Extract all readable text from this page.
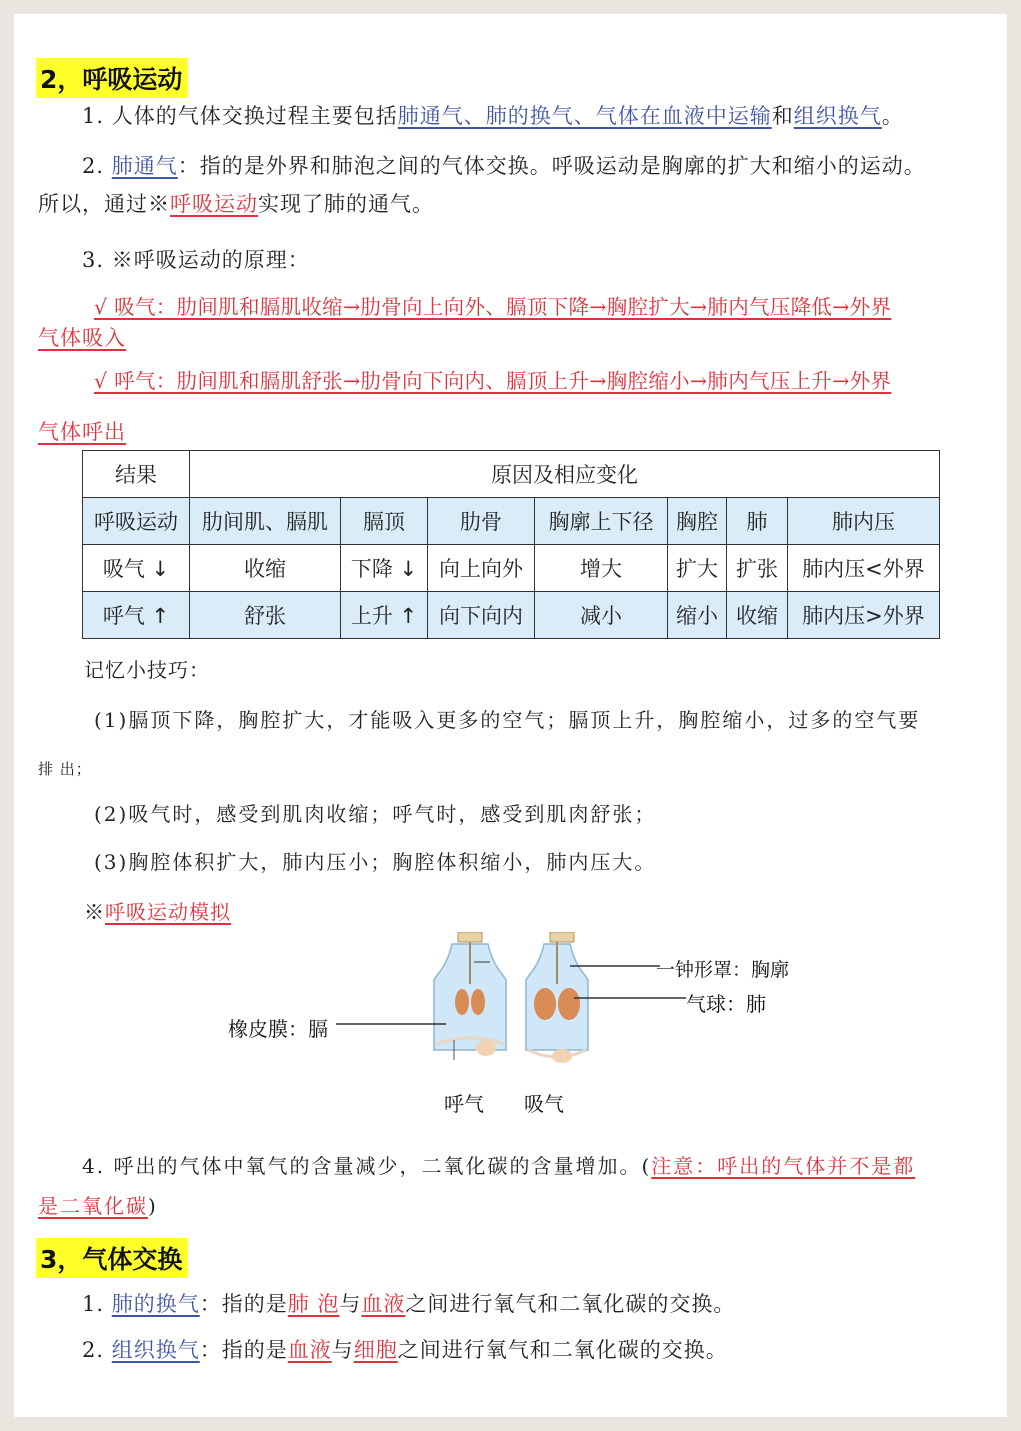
2，呼吸运动
1. 人体的气体交换过程主要包括肺通气、肺的换气、气体在血液中运输和组织换气。
2. 肺通气：指的是外界和肺泡之间的气体交换。呼吸运动是胸廓的扩大和缩小的运动。
所以，通过※呼吸运动实现了肺的通气。
3. ※呼吸运动的原理：
√ 吸气：肋间肌和膈肌收缩→肋骨向上向外、膈顶下降→胸腔扩大→肺内气压降低→外界
气体吸入
√ 呼气：肋间肌和膈肌舒张→肋骨向下向内、膈顶上升→胸腔缩小→肺内气压上升→外界
气体呼出
结果	原因及相应变化						
呼吸运动	肋间肌、膈肌	膈顶	肋骨	胸廓上下径	胸腔	肺	肺内压
吸气 ↓	收缩	下降 ↓	向上向外	增大	扩大	扩张	肺内压<外界
呼气 ↑	舒张	上升 ↑	向下向内	减小	缩小	收缩	肺内压>外界
记忆小技巧：
(1)膈顶下降，胸腔扩大，才能吸入更多的空气；膈顶上升，胸腔缩小，过多的空气要
排 出；
(2)吸气时，感受到肌肉收缩；呼气时，感受到肌肉舒张；
(3)胸腔体积扩大，肺内压小；胸腔体积缩小，肺内压大。
※呼吸运动模拟
一钟形罩：胸廓
气球：肺
橡皮膜：膈
呼气 吸气
4. 呼出的气体中氧气的含量减少，二氧化碳的含量增加。(注意：呼出的气体并不是都
是二氧化碳)
3，气体交换
1. 肺的换气：指的是肺 泡与血液之间进行氧气和二氧化碳的交换。
2. 组织换气：指的是血液与细胞之间进行氧气和二氧化碳的交换。
